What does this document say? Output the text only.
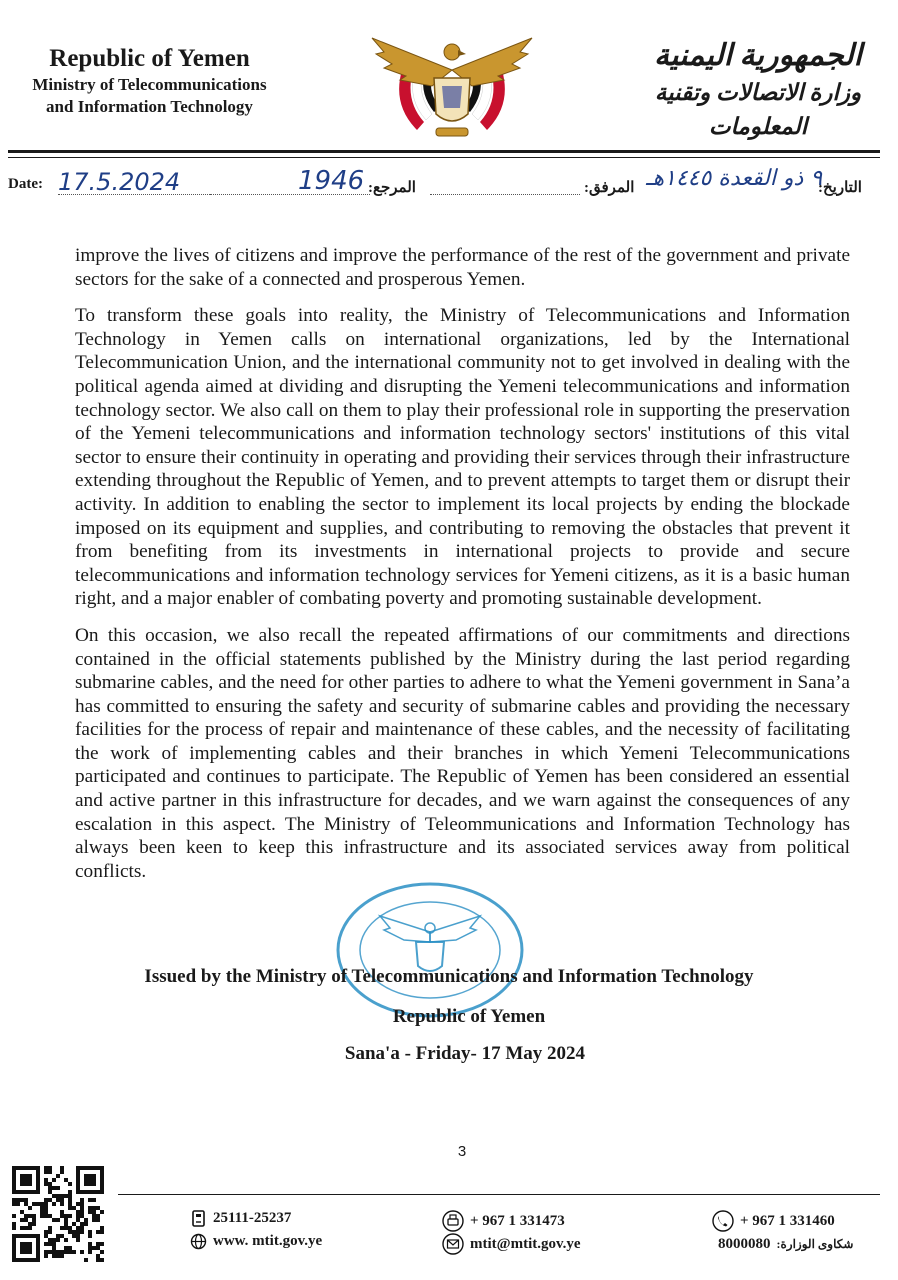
Republic of Yemen
Ministry of Telecommunications
and Information Technology
الجمهورية اليمنية
وزارة الاتصالات وتقنية المعلومات
Date: 17.5.2024	1946 المرجع:	المرفق: ٩ ذو القعدة ١٤٤٥هـ
التاريخ:

improve the lives of citizens and improve the performance of the rest of the government and private sectors for the sake of a connected and prosperous Yemen.

To transform these goals into reality, the Ministry of Telecommunications and Information Technology in Yemen calls on international organizations, led by the International Telecommunication Union, and the international community not to get involved in dealing with the political agenda aimed at dividing and disrupting the Yemeni telecommunications and information technology sector. We also call on them to play their professional role in supporting the preservation of the Yemeni telecommunications and information technology sectors' institutions of this vital sector to ensure their continuity in operating and providing their services through their infrastructure extending throughout the Republic of Yemen, and to prevent attempts to target them or disrupt their activity. In addition to enabling the sector to implement its local projects by ending the blockade imposed on its equipment and supplies, and contributing to removing the obstacles that prevent it from benefiting from its investments in international projects to provide and secure telecommunications and information technology services for Yemeni citizens, as it is a basic human right, and a major enabler of combating poverty and promoting sustainable development.

On this occasion, we also recall the repeated affirmations of our commitments and directions contained in the official statements published by the Ministry during the last period regarding submarine cables, and the need for other parties to adhere to what the Yemeni government in Sana’a has committed to ensuring the safety and security of submarine cables and providing the necessary facilities for the process of repair and maintenance of these cables, and the necessity of facilitating the work of implementing cables and their branches in which Yemeni Telecommunications participated and continues to participate. The Republic of Yemen has been considered an essential and active partner in this infrastructure for decades, and we warn against the consequences of any escalation in this aspect. The Ministry of Teleommunications and Information Technology has always been keen to keep this infrastructure and its associated services away from political conflicts.

Issued by the Ministry of Telecommunications and Information Technology
Republic of Yemen
Sana'a - Friday- 17 May 2024
3
25111-25237
www. mtit.gov.ye
+ 967 1 331473
mtit@mtit.gov.ye
+ 967 1 331460
8000080 شكاوى الوزارة:
